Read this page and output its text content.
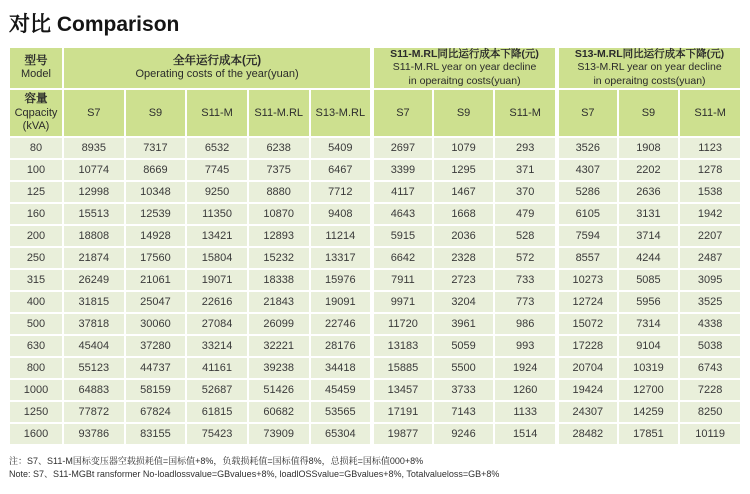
对比 Comparison
型号
Model

全年运行成本(元)
Operating costs of the year(yuan)

S11-M.RL同比运行成本下降(元)
S11-M.RL year on year decline
in operaitng costs(yuan)

S13-M.RL同比运行成本下降(元)
S13-M.RL year on year decline
in operaitng costs(yuan)

容量
Cqpacity
(kVA)	S7	S9	S11-M	S11-M.RL	S13-M.RL	S7	S9	S11-M	S7	S9	S11-M
80	8935	7317	6532	6238	5409	2697	1079	293	3526	1908	1123
100	10774	8669	7745	7375	6467	3399	1295	371	4307	2202	1278
125	12998	10348	9250	8880	7712	4117	1467	370	5286	2636	1538
160	15513	12539	11350	10870	9408	4643	1668	479	6105	3131	1942
200	18808	14928	13421	12893	11214	5915	2036	528	7594	3714	2207
250	21874	17560	15804	15232	13317	6642	2328	572	8557	4244	2487
315	26249	21061	19071	18338	15976	7911	2723	733	10273	5085	3095
400	31815	25047	22616	21843	19091	9971	3204	773	12724	5956	3525
500	37818	30060	27084	26099	22746	11720	3961	986	15072	7314	4338
630	45404	37280	33214	32221	28176	13183	5059	993	17228	9104	5038
800	55123	44737	41161	39238	34418	15885	5500	1924	20704	10319	6743
1000	64883	58159	52687	51426	45459	13457	3733	1260	19424	12700	7228
1250	77872	67824	61815	60682	53565	17191	7143	1133	24307	14259	8250
1600	93786	83155	75423	73909	65304	19877	9246	1514	28482	17851	10119
注：S7、S11-M国标变压器空载损耗值=国标值+8%，负载损耗值=国标值得8%，总损耗=国标值000+8%
Note: S7、S11-MGBt ransformer No-loadlossvalue=GBvalues+8%, loadlOSSvalue=GBvalues+8%, Totalvalueloss=GB+8%
